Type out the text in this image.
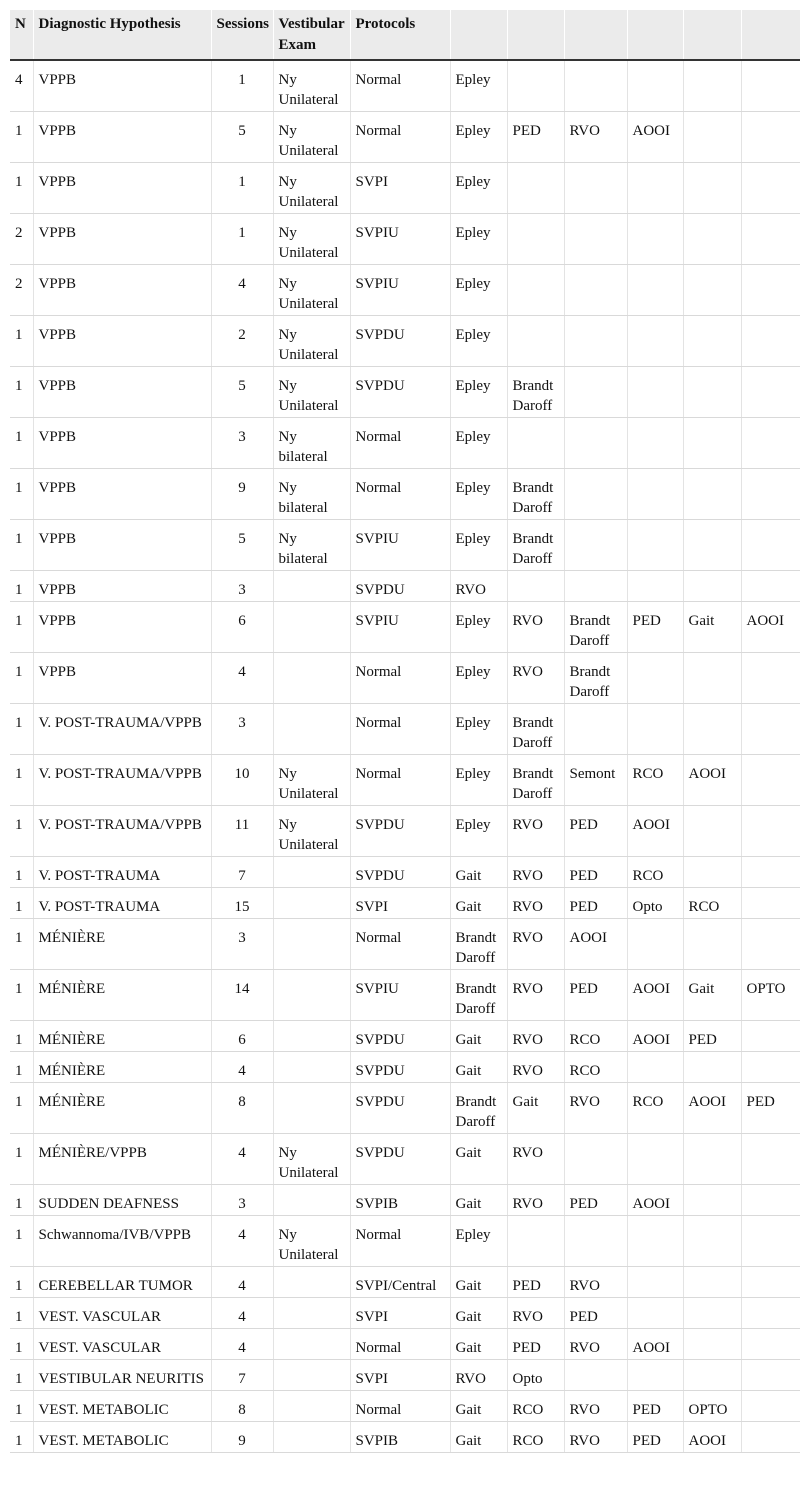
N	Diagnostic Hypothesis	Sessions	Vestibular Exam	Protocols						
4	VPPB	1	Ny Unilateral	Normal	Epley					
1	VPPB	5	Ny Unilateral	Normal	Epley	PED	RVO	AOOI		
1	VPPB	1	Ny Unilateral	SVPI	Epley					
2	VPPB	1	Ny Unilateral	SVPIU	Epley					
2	VPPB	4	Ny Unilateral	SVPIU	Epley					
1	VPPB	2	Ny Unilateral	SVPDU	Epley					
1	VPPB	5	Ny Unilateral	SVPDU	Epley	Brandt Daroff				
1	VPPB	3	Ny bilateral	Normal	Epley					
1	VPPB	9	Ny bilateral	Normal	Epley	Brandt Daroff				
1	VPPB	5	Ny bilateral	SVPIU	Epley	Brandt Daroff				
1	VPPB	3		SVPDU	RVO					
1	VPPB	6		SVPIU	Epley	RVO	Brandt Daroff	PED	Gait	AOOI
1	VPPB	4		Normal	Epley	RVO	Brandt Daroff			
1	V. POST-TRAUMA/VPPB	3		Normal	Epley	Brandt Daroff				
1	V. POST-TRAUMA/VPPB	10	Ny Unilateral	Normal	Epley	Brandt Daroff	Semont	RCO	AOOI	
1	V. POST-TRAUMA/VPPB	11	Ny Unilateral	SVPDU	Epley	RVO	PED	AOOI		
1	V. POST-TRAUMA	7		SVPDU	Gait	RVO	PED	RCO		
1	V. POST-TRAUMA	15		SVPI	Gait	RVO	PED	Opto	RCO	
1	MÉNIÈRE	3		Normal	Brandt Daroff	RVO	AOOI			
1	MÉNIÈRE	14		SVPIU	Brandt Daroff	RVO	PED	AOOI	Gait	OPTO
1	MÉNIÈRE	6		SVPDU	Gait	RVO	RCO	AOOI	PED	
1	MÉNIÈRE	4		SVPDU	Gait	RVO	RCO			
1	MÉNIÈRE	8		SVPDU	Brandt Daroff	Gait	RVO	RCO	AOOI	PED
1	MÉNIÈRE/VPPB	4	Ny Unilateral	SVPDU	Gait	RVO				
1	SUDDEN DEAFNESS	3		SVPIB	Gait	RVO	PED	AOOI		
1	Schwannoma/IVB/VPPB	4	Ny Unilateral	Normal	Epley					
1	CEREBELLAR TUMOR	4		SVPI/Central	Gait	PED	RVO			
1	VEST. VASCULAR	4		SVPI	Gait	RVO	PED			
1	VEST. VASCULAR	4		Normal	Gait	PED	RVO	AOOI		
1	VESTIBULAR NEURITIS	7		SVPI	RVO	Opto				
1	VEST. METABOLIC	8		Normal	Gait	RCO	RVO	PED	OPTO	
1	VEST. METABOLIC	9		SVPIB	Gait	RCO	RVO	PED	AOOI	
